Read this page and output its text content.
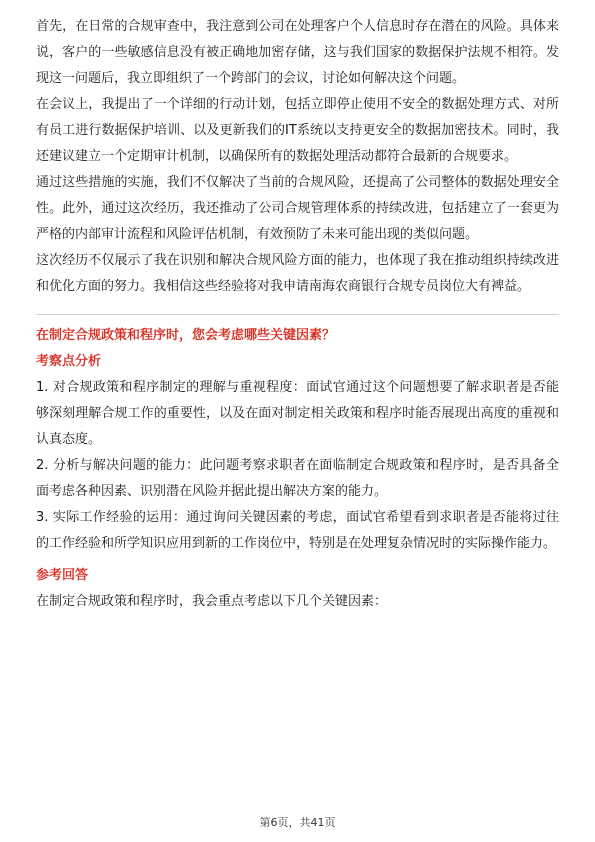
首先，在日常的合规审查中，我注意到公司在处理客户个人信息时存在潜在的风险。具体来说，客户的一些敏感信息没有被正确地加密存储，这与我们国家的数据保护法规不相符。发现这一问题后，我立即组织了一个跨部门的会议，讨论如何解决这个问题。

在会议上，我提出了一个详细的行动计划，包括立即停止使用不安全的数据处理方式、对所有员工进行数据保护培训、以及更新我们的IT系统以支持更安全的数据加密技术。同时，我还建议建立一个定期审计机制，以确保所有的数据处理活动都符合最新的合规要求。

通过这些措施的实施，我们不仅解决了当前的合规风险，还提高了公司整体的数据处理安全性。此外，通过这次经历，我还推动了公司合规管理体系的持续改进，包括建立了一套更为严格的内部审计流程和风险评估机制，有效预防了未来可能出现的类似问题。

这次经历不仅展示了我在识别和解决合规风险方面的能力，也体现了我在推动组织持续改进和优化方面的努力。我相信这些经验将对我申请南海农商银行合规专员岗位大有裨益。

在制定合规政策和程序时，您会考虑哪些关键因素？

考察点分析

1. 对合规政策和程序制定的理解与重视程度：面试官通过这个问题想要了解求职者是否能够深刻理解合规工作的重要性，以及在面对制定相关政策和程序时能否展现出高度的重视和认真态度。

2. 分析与解决问题的能力：此问题考察求职者在面临制定合规政策和程序时，是否具备全面考虑各种因素、识别潜在风险并据此提出解决方案的能力。

3. 实际工作经验的运用：通过询问关键因素的考虑，面试官希望看到求职者是否能将过往的工作经验和所学知识应用到新的工作岗位中，特别是在处理复杂情况时的实际操作能力。

参考回答

在制定合规政策和程序时，我会重点考虑以下几个关键因素：

第6页，共41页
